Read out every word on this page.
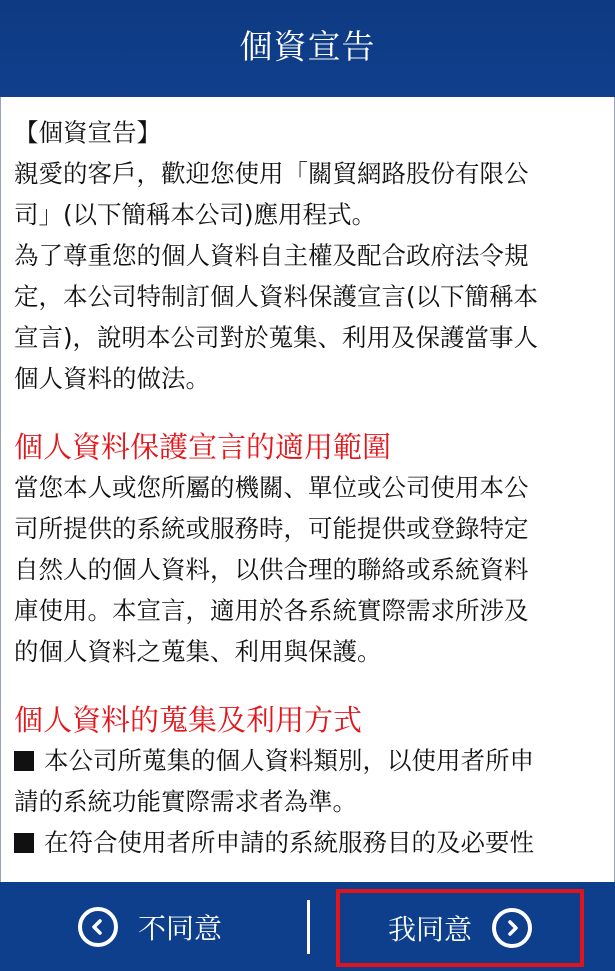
個資宣告

【個資宣告】

親愛的客戶，歡迎您使用「關貿網路股份有限公

司」(以下簡稱本公司)應用程式。

為了尊重您的個人資料自主權及配合政府法令規

定，本公司特制訂個人資料保護宣言(以下簡稱本

宣言)，說明本公司對於蒐集、利用及保護當事人

個人資料的做法。

個人資料保護宣言的適用範圍

當您本人或您所屬的機關、單位或公司使用本公

司所提供的系統或服務時，可能提供或登錄特定

自然人的個人資料，以供合理的聯絡或系統資料

庫使用。本宣言，適用於各系統實際需求所涉及

的個人資料之蒐集、利用與保護。

個人資料的蒐集及利用方式

本公司所蒐集的個人資料類別，以使用者所申

請的系統功能實際需求者為準。

在符合使用者所申請的系統服務目的及必要性

不同意	我同意
